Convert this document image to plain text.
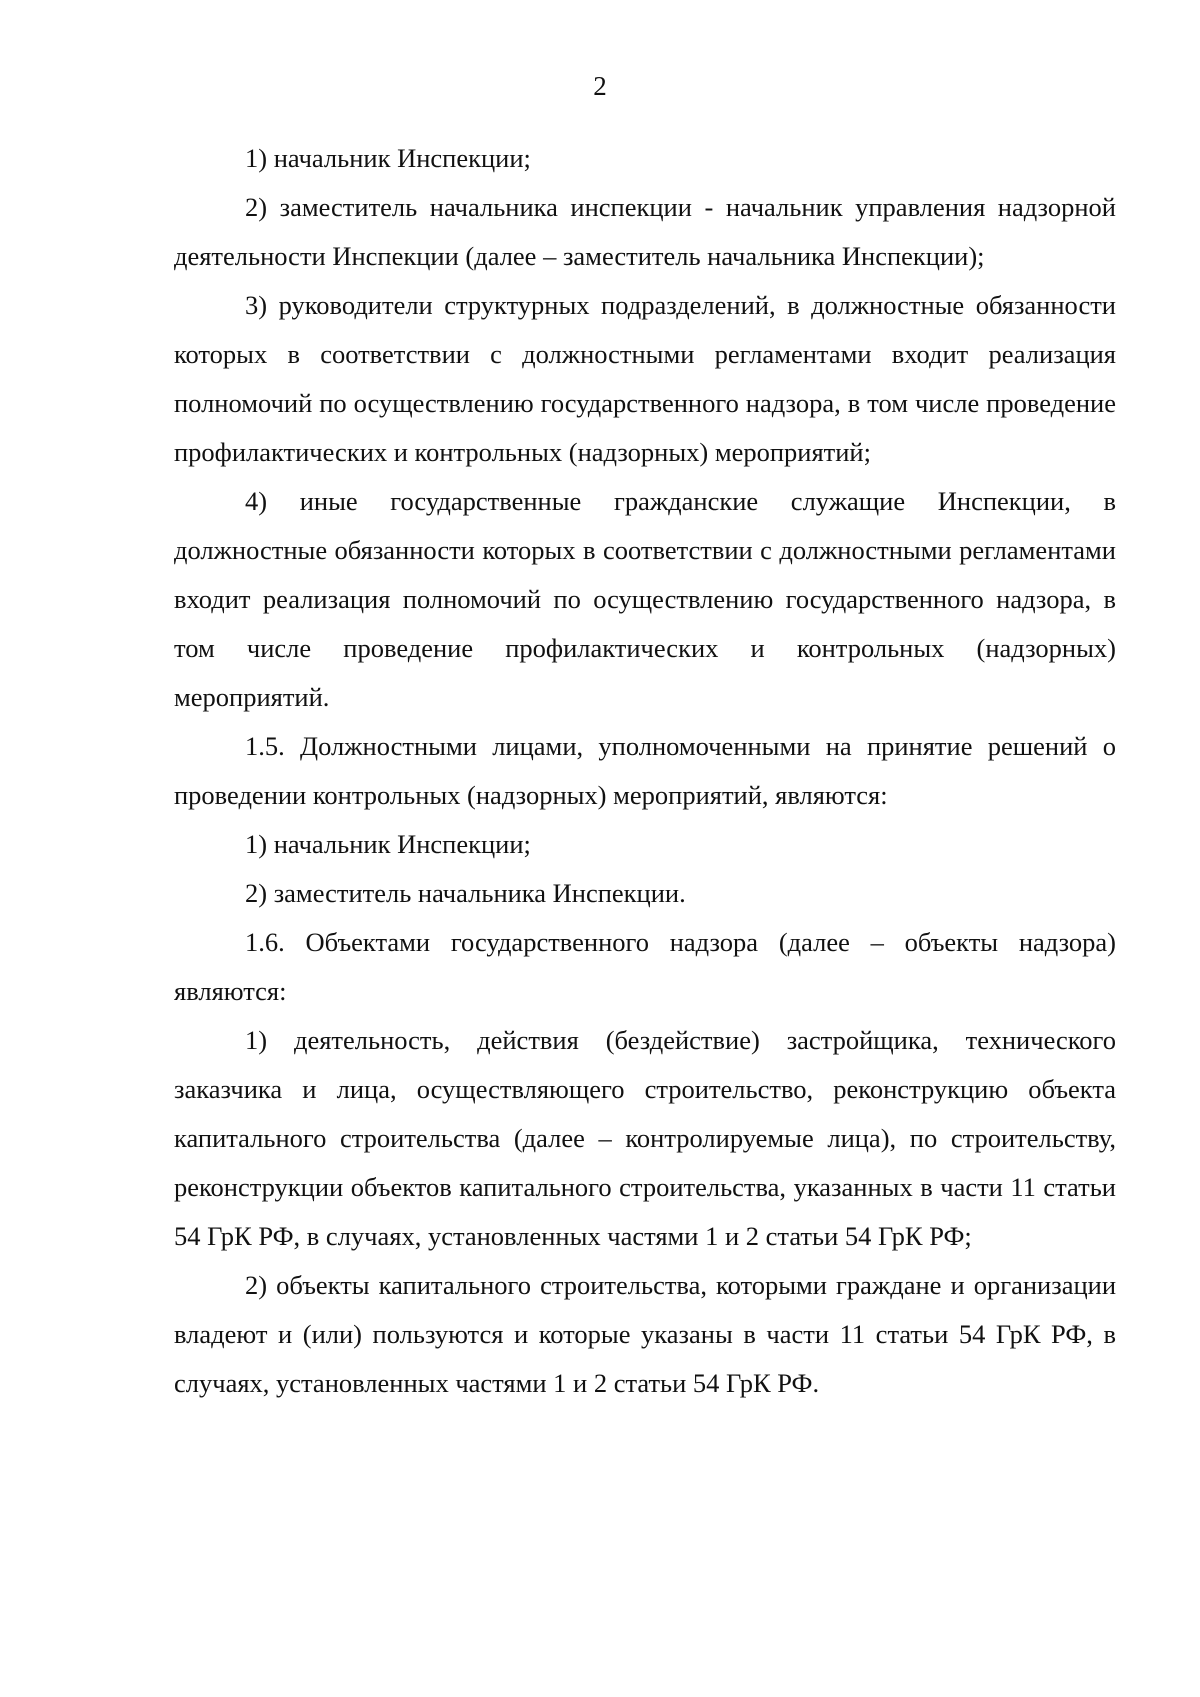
2

1) начальник Инспекции;

2) заместитель начальника инспекции - начальник управления надзорной деятельности Инспекции (далее – заместитель начальника Инспекции);

3) руководители структурных подразделений, в должностные обязанности которых в соответствии с должностными регламентами входит реализация полномочий по осуществлению государственного надзора, в том числе проведение профилактических и контрольных (надзорных) мероприятий;

4) иные государственные гражданские служащие Инспекции, в должностные обязанности которых в соответствии с должностными регламентами входит реализация полномочий по осуществлению государственного надзора, в том числе проведение профилактических и контрольных (надзорных) мероприятий.

1.5. Должностными лицами, уполномоченными на принятие решений о проведении контрольных (надзорных) мероприятий, являются:

1) начальник Инспекции;

2) заместитель начальника Инспекции.

1.6. Объектами государственного надзора (далее – объекты надзора) являются:

1) деятельность, действия (бездействие) застройщика, технического заказчика и лица, осуществляющего строительство, реконструкцию объекта капитального строительства (далее – контролируемые лица), по строительству, реконструкции объектов капитального строительства, указанных в части 11 статьи 54 ГрК РФ, в случаях, установленных частями 1 и 2 статьи 54 ГрК РФ;

2) объекты капитального строительства, которыми граждане и организации владеют и (или) пользуются и которые указаны в части 11 статьи 54 ГрК РФ, в случаях, установленных частями 1 и 2 статьи 54 ГрК РФ.
